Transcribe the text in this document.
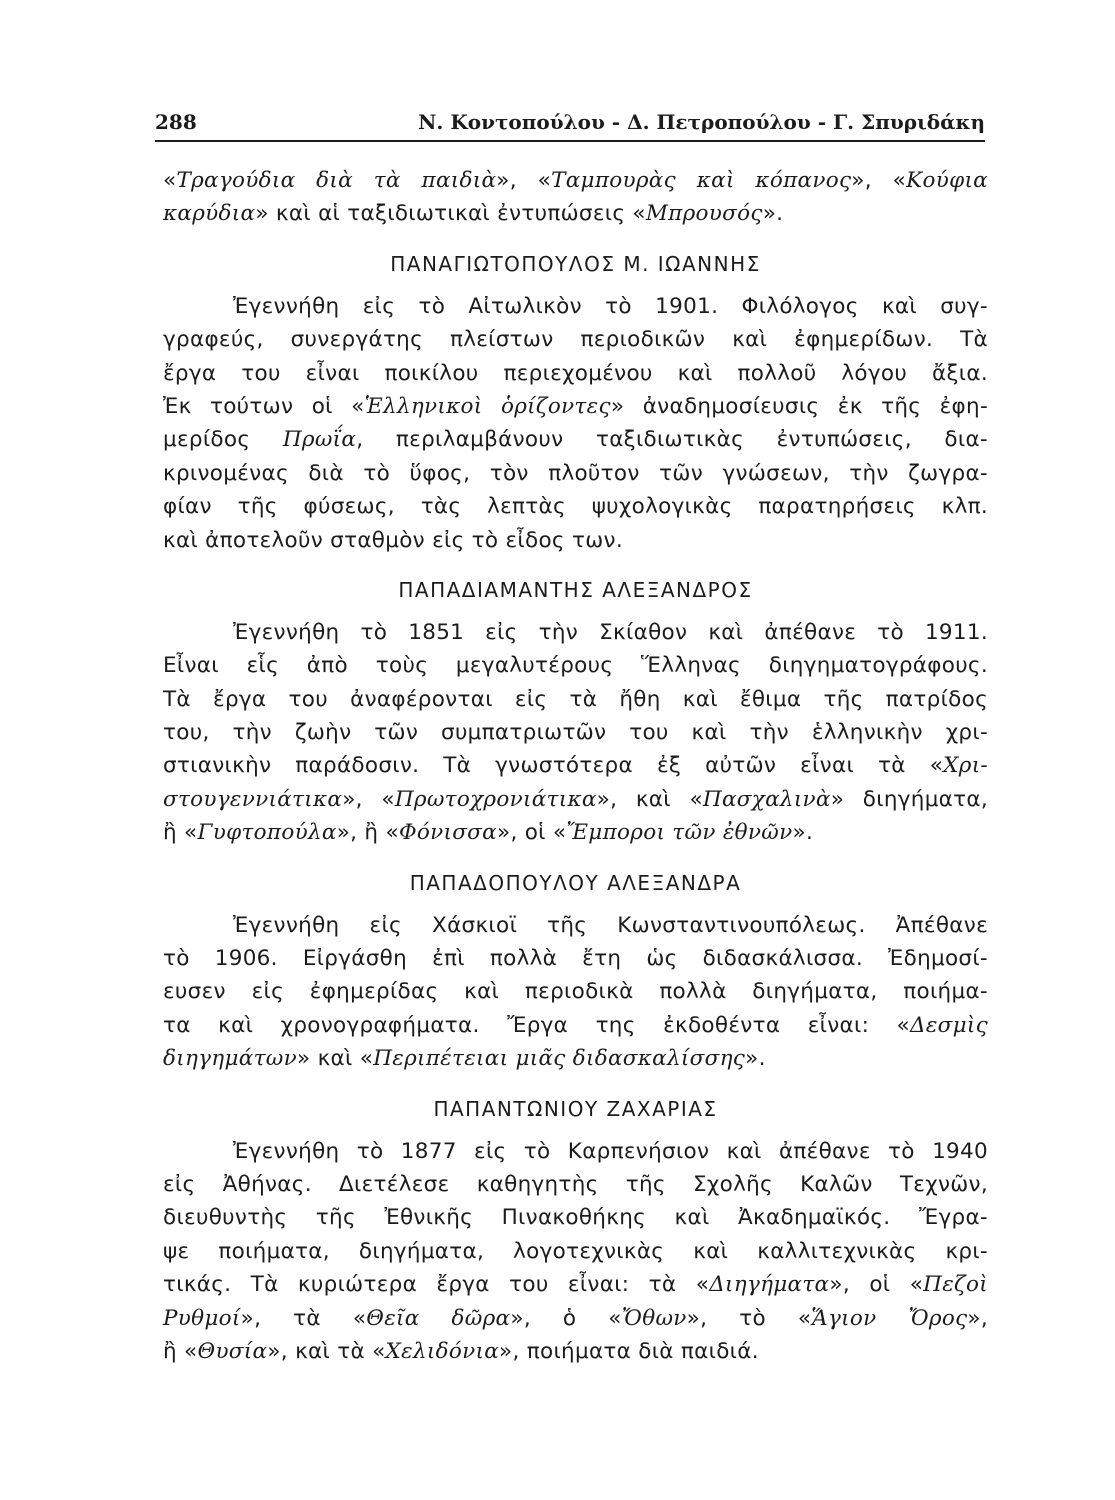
288	Ν. Κοντοπούλου - Δ. Πετροπούλου - Γ. Σπυριδάκη
«Τραγούδια διὰ τὰ παιδιὰ», «Ταμπουρὰς καὶ κόπανος», «Κούφια
καρύδια» καὶ αἱ ταξιδιωτικαὶ ἐντυπώσεις «Μπρουσός».
ΠΑΝΑΓΙΩΤΟΠΟΥΛΟΣ Μ. ΙΩΑΝΝΗΣ
Ἐγεννήθη εἰς τὸ Αἰτωλικὸν τὸ 1901. Φιλόλογος καὶ συγ-
γραφεύς, συνεργάτης πλείστων περιοδικῶν καὶ ἐφημερίδων. Τὰ
ἔργα του εἶναι ποικίλου περιεχομένου καὶ πολλοῦ λόγου ἄξια.
Ἐκ τούτων οἱ «Ἑλληνικοὶ ὁρίζοντες» ἀναδημοσίευσις ἐκ τῆς ἐφη-
μερίδος Πρωΐα, περιλαμβάνουν ταξιδιωτικὰς ἐντυπώσεις, δια-
κρινομένας διὰ τὸ ὕφος, τὸν πλοῦτον τῶν γνώσεων, τὴν ζωγρα-
φίαν τῆς φύσεως, τὰς λεπτὰς ψυχολογικὰς παρατηρήσεις κλπ.
καὶ ἀποτελοῦν σταθμὸν εἰς τὸ εἶδος των.
ΠΑΠΑΔΙΑΜΑΝΤΗΣ ΑΛΕΞΑΝΔΡΟΣ
Ἐγεννήθη τὸ 1851 εἰς τὴν Σκίαθον καὶ ἀπέθανε τὸ 1911.
Εἶναι εἷς ἀπὸ τοὺς μεγαλυτέρους Ἕλληνας διηγηματογράφους.
Τὰ ἔργα του ἀναφέρονται εἰς τὰ ἤθη καὶ ἔθιμα τῆς πατρίδος
του, τὴν ζωὴν τῶν συμπατριωτῶν του καὶ τὴν ἑλληνικὴν χρι-
στιανικὴν παράδοσιν. Τὰ γνωστότερα ἐξ αὐτῶν εἶναι τὰ «Χρι-
στουγεννιάτικα», «Πρωτοχρονιάτικα», καὶ «Πασχαλινὰ» διηγήματα,
ἢ «Γυφτοπούλα», ἢ «Φόνισσα», οἱ «Ἔμποροι τῶν ἐθνῶν».
ΠΑΠΑΔΟΠΟΥΛΟΥ ΑΛΕΞΑΝΔΡΑ
Ἐγεννήθη εἰς Χάσκιοϊ τῆς Κωνσταντινουπόλεως. Ἀπέθανε
τὸ 1906. Εἰργάσθη ἐπὶ πολλὰ ἔτη ὡς διδασκάλισσα. Ἐδημοσί-
ευσεν εἰς ἐφημερίδας καὶ περιοδικὰ πολλὰ διηγήματα, ποιήμα-
τα καὶ χρονογραφήματα. Ἔργα της ἐκδοθέντα εἶναι: «Δεσμὶς
διηγημάτων» καὶ «Περιπέτειαι μιᾶς διδασκαλίσσης».
ΠΑΠΑΝΤΩΝΙΟΥ ΖΑΧΑΡΙΑΣ
Ἐγεννήθη τὸ 1877 εἰς τὸ Καρπενήσιον καὶ ἀπέθανε τὸ 1940
εἰς Ἀθήνας. Διετέλεσε καθηγητὴς τῆς Σχολῆς Καλῶν Τεχνῶν,
διευθυντὴς τῆς Ἐθνικῆς Πινακοθήκης καὶ Ἀκαδημαϊκός. Ἔγρα-
ψε ποιήματα, διηγήματα, λογοτεχνικὰς καὶ καλλιτεχνικὰς κρι-
τικάς. Τὰ κυριώτερα ἔργα του εἶναι: τὰ «Διηγήματα», οἱ «Πεζοὶ
Ρυθμοί», τὰ «Θεῖα δῶρα», ὁ «Ὄθων», τὸ «Ἅγιον Ὄρος»,
ἢ «Θυσία», καὶ τὰ «Χελιδόνια», ποιήματα διὰ παιδιά.
